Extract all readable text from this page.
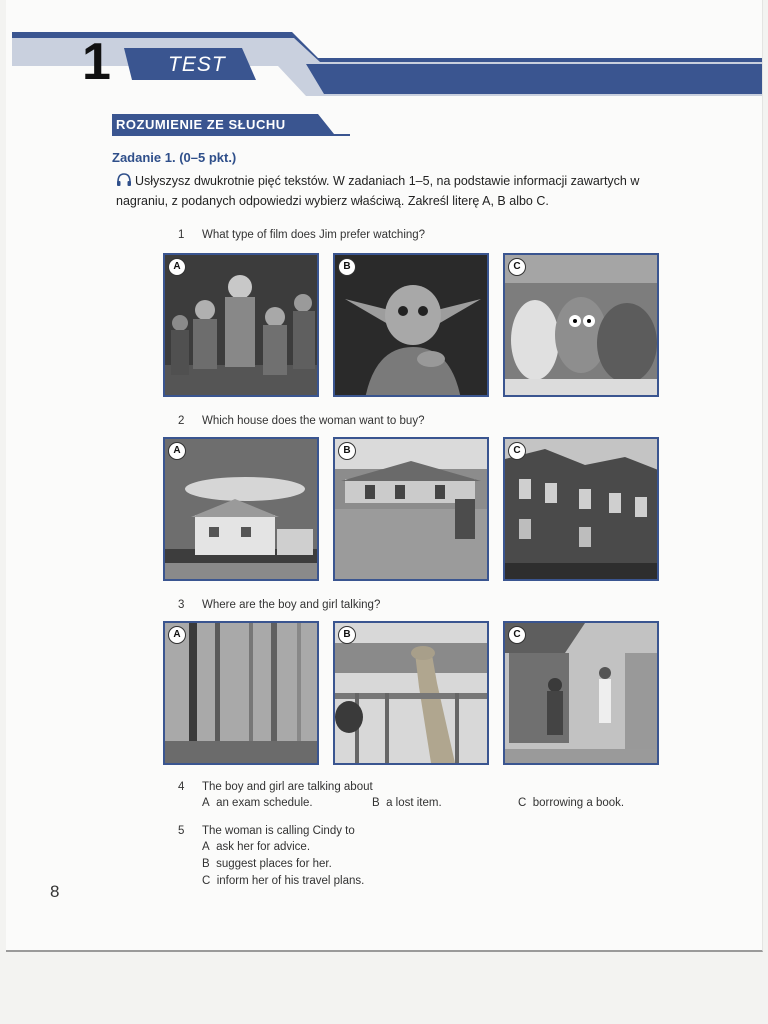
1	TEST
ROZUMIENIE ZE SŁUCHU
Zadanie 1. (0–5 pkt.)
Usłyszysz dwukrotnie pięć tekstów. W zadaniach 1–5, na podstawie informacji zawartych w nagraniu, z podanych odpowiedzi wybierz właściwą. Zakreśl literę A, B albo C.
1 What type of film does Jim prefer watching?
A	B	C
2 Which house does the woman want to buy?
A	B	C
3 Where are the boy and girl talking?
A	B	C
4 The boy and girl are talking about
A an exam schedule.	B a lost item.	C borrowing a book.
5 The woman is calling Cindy to
A ask her for advice.
B suggest places for her.
C inform her of his travel plans.
8
